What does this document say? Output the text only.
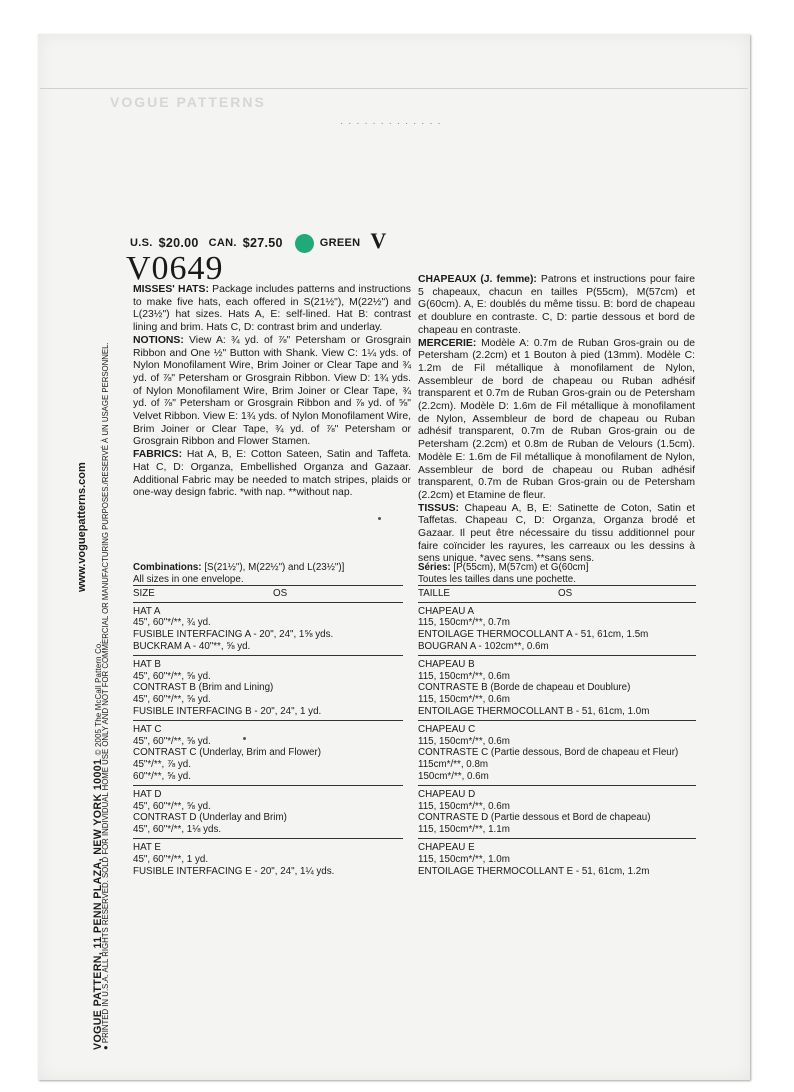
VOGUE PATTERNS
· · · · · · · · · · · · ·
U.S. $20.00 CAN. $27.50	GREEN V
V0649

MISSES' HATS: Package includes patterns and instructions to make five hats, each offered in S(21½"), M(22½") and L(23½") hat sizes. Hats A, E: self-lined. Hat B: contrast lining and brim. Hats C, D: contrast brim and underlay.

NOTIONS: View A: ¾ yd. of ⅞" Petersham or Grosgrain Ribbon and One ½" Button with Shank. View C: 1¼ yds. of Nylon Monofilament Wire, Brim Joiner or Clear Tape and ¾ yd. of ⅞" Petersham or Grosgrain Ribbon. View D: 1¾ yds. of Nylon Monofilament Wire, Brim Joiner or Clear Tape, ¾ yd. of ⅞" Petersham or Grosgrain Ribbon and ⅞ yd. of ⅝" Velvet Ribbon. View E: 1¾ yds. of Nylon Monofilament Wire, Brim Joiner or Clear Tape, ¾ yd. of ⅞" Petersham or Grosgrain Ribbon and Flower Stamen.

FABRICS: Hat A, B, E: Cotton Sateen, Satin and Taffeta. Hat C, D: Organza, Embellished Organza and Gazaar. Additional Fabric may be needed to match stripes, plaids or one-way design fabric. *with nap. **without nap.

CHAPEAUX (J. femme): Patrons et instructions pour faire 5 chapeaux, chacun en tailles P(55cm), M(57cm) et G(60cm). A, E: doublés du même tissu. B: bord de chapeau et doublure en contraste. C, D: partie dessous et bord de chapeau en contraste.

MERCERIE: Modèle A: 0.7m de Ruban Gros-grain ou de Petersham (2.2cm) et 1 Bouton à pied (13mm). Modèle C: 1.2m de Fil métallique à monofilament de Nylon, Assembleur de bord de chapeau ou Ruban adhésif transparent et 0.7m de Ruban Gros-grain ou de Petersham (2.2cm). Modèle D: 1.6m de Fil métallique à monofilament de Nylon, Assembleur de bord de chapeau ou Ruban adhésif transparent, 0.7m de Ruban Gros-grain ou de Petersham (2.2cm) et 0.8m de Ruban de Velours (1.5cm). Modèle E: 1.6m de Fil métallique à monofilament de Nylon, Assembleur de bord de chapeau ou Ruban adhésif transparent, 0.7m de Ruban Gros-grain ou de Petersham (2.2cm) et Etamine de fleur.

TISSUS: Chapeau A, B, E: Satinette de Coton, Satin et Taffetas. Chapeau C, D: Organza, Organza brodé et Gazaar. Il peut être nécessaire du tissu additionnel pour faire coïncider les rayures, les carreaux ou les dessins à sens unique. *avec sens. **sans sens.

Combinations: [S(21½"), M(22½") and L(23½")]
All sizes in one envelope.
SIZE	OS
HAT A
45", 60"*/**, ¾ yd.
FUSIBLE INTERFACING A - 20", 24", 1⅝ yds.
BUCKRAM A - 40"**, ⅝ yd.
HAT B
45", 60"*/**, ⅝ yd.
CONTRAST B (Brim and Lining)
45", 60"*/**, ⅝ yd.
FUSIBLE INTERFACING B - 20", 24", 1 yd.
HAT C
45", 60"*/**, ⅝ yd.
CONTRAST C (Underlay, Brim and Flower)
45"*/**, ⅞ yd.
60"*/**, ⅝ yd.
HAT D
45", 60"*/**, ⅝ yd.
CONTRAST D (Underlay and Brim)
45", 60"*/**, 1⅛ yds.
HAT E
45", 60"*/**, 1 yd.
FUSIBLE INTERFACING E - 20", 24", 1¼ yds.
Séries: [P(55cm), M(57cm) et G(60cm]
Toutes les tailles dans une pochette.
TAILLE	OS
CHAPEAU A
115, 150cm*/**, 0.7m
ENTOILAGE THERMOCOLLANT A - 51, 61cm, 1.5m
BOUGRAN A - 102cm**, 0.6m
CHAPEAU B
115, 150cm*/**, 0.6m
CONTRASTE B (Borde de chapeau et Doublure)
115, 150cm*/**, 0.6m
ENTOILAGE THERMOCOLLANT B - 51, 61cm, 1.0m
CHAPEAU C
115, 150cm*/**, 0.6m
CONTRASTE C (Partie dessous, Bord de chapeau et Fleur)
115cm*/**, 0.8m
150cm*/**, 0.6m
CHAPEAU D
115, 150cm*/**, 0.6m
CONTRASTE D (Partie dessous et Bord de chapeau)
115, 150cm*/**, 1.1m
CHAPEAU E
115, 150cm*/**, 1.0m
ENTOILAGE THERMOCOLLANT E - 51, 61cm, 1.2m
VOGUE PATTERN, 11 PENN PLAZA, NEW YORK 10001 © 2005 The McCall Pattern Co.
www.voguepatterns.com ● PRINTED IN U.S.A. ALL RIGHTS RESERVED. SOLD FOR INDIVIDUAL HOME USE ONLY AND NOT FOR COMMERCIAL OR MANUFACTURING PURPOSES./RESERVÉ À UN USAGE PERSONNEL.
